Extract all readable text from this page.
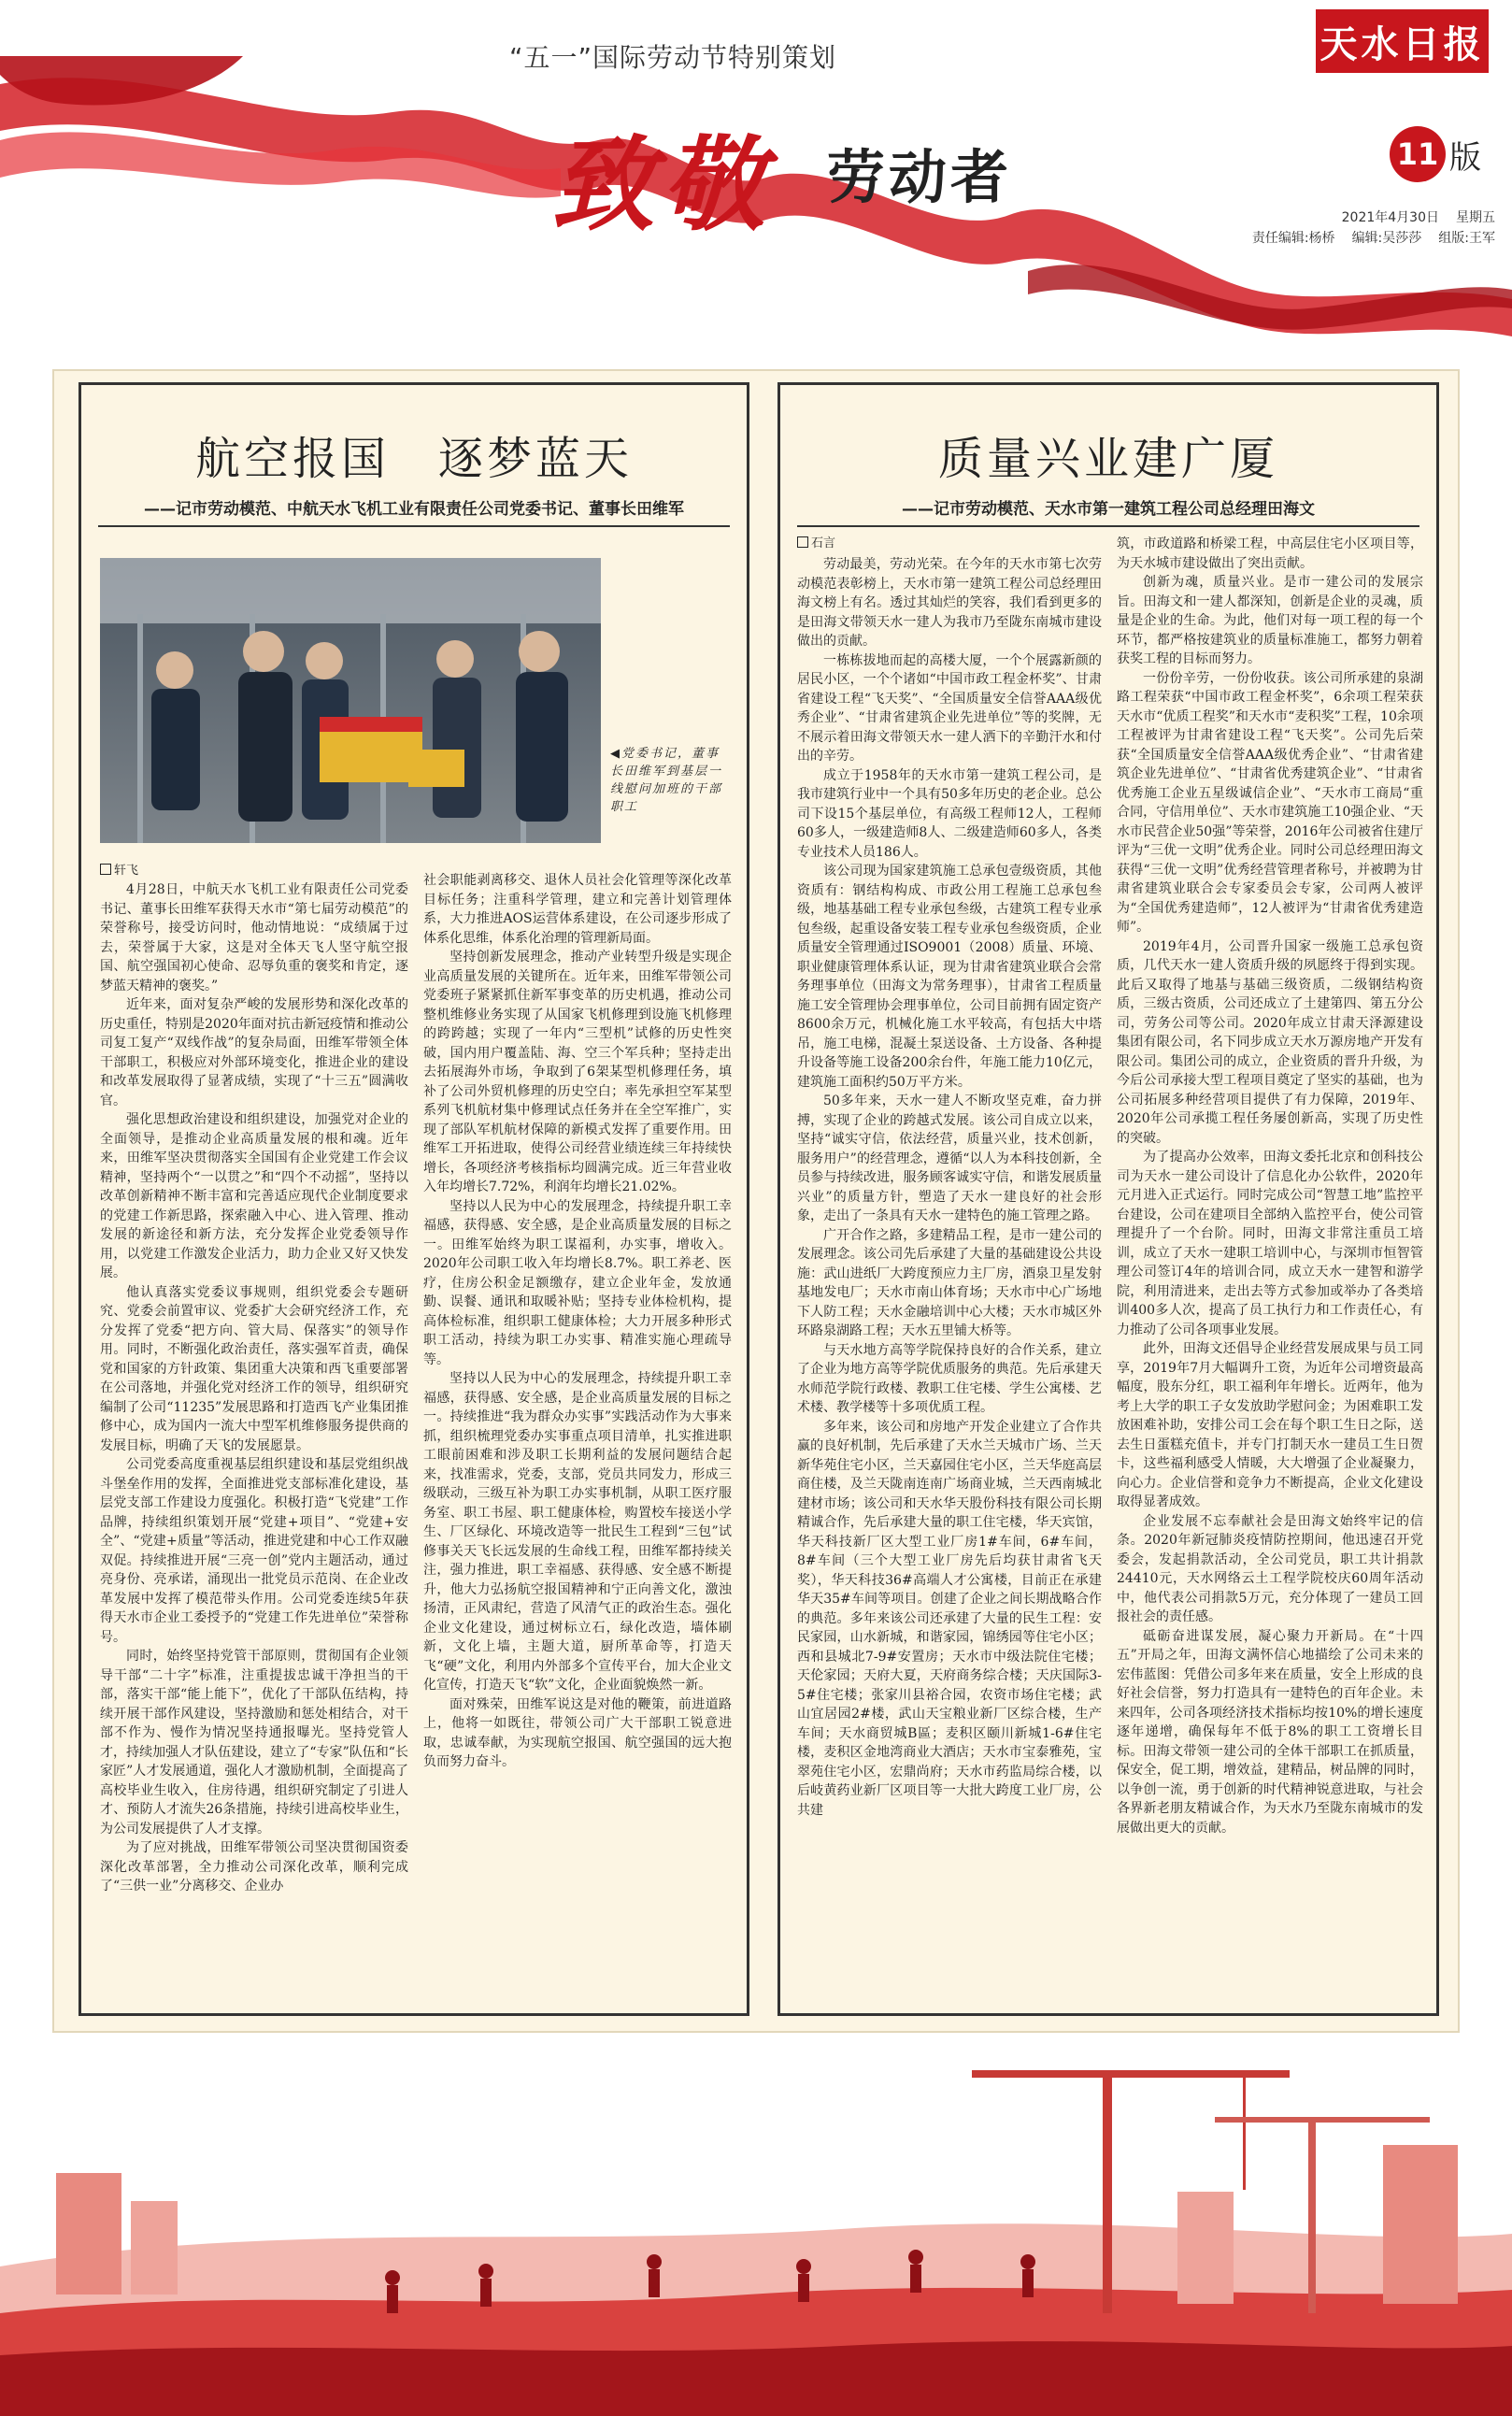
“五一”国际劳动节特别策划	天水日报
致敬 劳动者	11 版
2021年4月30日 星期五
责任编辑:杨桥 编辑:吴莎莎 组版:王军
航空报国　逐梦蓝天
——记市劳动模范、中航天水飞机工业有限责任公司党委书记、董事长田维军
◀党委书记，董事长田维军到基层一线慰问加班的干部职工
轩飞

4月28日，中航天水飞机工业有限责任公司党委书记、董事长田维军获得天水市“第七届劳动模范”的荣誉称号，接受访问时，他动情地说：“成绩属于过去，荣誉属于大家，这是对全体天飞人坚守航空报国、航空强国初心使命、忍辱负重的褒奖和肯定，逐梦蓝天精神的褒奖。”

近年来，面对复杂严峻的发展形势和深化改革的历史重任，特别是2020年面对抗击新冠疫情和推动公司复工复产“双线作战”的复杂局面，田维军带领全体干部职工，积极应对外部环境变化，推进企业的建设和改革发展取得了显著成绩，实现了“十三五”圆满收官。

强化思想政治建设和组织建设，加强党对企业的全面领导，是推动企业高质量发展的根和魂。近年来，田维军坚决贯彻落实全国国有企业党建工作会议精神，坚持两个“一以贯之”和“四个不动摇”，坚持以改革创新精神不断丰富和完善适应现代企业制度要求的党建工作新思路，探索融入中心、进入管理、推动发展的新途径和新方法，充分发挥企业党委领导作用，以党建工作激发企业活力，助力企业又好又快发展。

他认真落实党委议事规则，组织党委会专题研究、党委会前置审议、党委扩大会研究经济工作，充分发挥了党委“把方向、管大局、保落实”的领导作用。同时，不断强化政治责任，落实强军首责，确保党和国家的方针政策、集团重大决策和西飞重要部署在公司落地，并强化党对经济工作的领导，组织研究编制了公司“11235”发展思路和打造西飞产业集团推修中心，成为国内一流大中型军机维修服务提供商的发展目标，明确了天飞的发展愿景。

公司党委高度重视基层组织建设和基层党组织战斗堡垒作用的发挥，全面推进党支部标准化建设，基层党支部工作建设力度强化。积极打造“飞党建”工作品牌，持续组织策划开展“党建+项目”、“党建+安全”、“党建+质量”等活动，推进党建和中心工作双融双促。持续推进开展“三亮一创”党内主题活动，通过亮身份、亮承诺，涌现出一批党员示范岗、在企业改革发展中发挥了模范带头作用。公司党委连续5年获得天水市企业工委授予的“党建工作先进单位”荣誉称号。

同时，始终坚持党管干部原则，贯彻国有企业领导干部“二十字”标准，注重提拔忠诚干净担当的干部，落实干部“能上能下”，优化了干部队伍结构，持续开展干部作风建设，坚持激励和惩处相结合，对干部不作为、慢作为情况坚持通报曝光。坚持党管人才，持续加强人才队伍建设，建立了“专家”队伍和“长家匠”人才发展通道，强化人才激励机制，全面提高了高校毕业生收入，住房待遇，组织研究制定了引进人才、预防人才流失26条措施，持续引进高校毕业生，为公司发展提供了人才支撑。

为了应对挑战，田维军带领公司坚决贯彻国资委深化改革部署，全力推动公司深化改革，顺利完成了“三供一业”分离移交、企业办

社会职能剥离移交、退休人员社会化管理等深化改革目标任务；注重科学管理，建立和完善计划管理体系，大力推进AOS运营体系建设，在公司逐步形成了体系化思维，体系化治理的管理新局面。

坚持创新发展理念，推动产业转型升级是实现企业高质量发展的关键所在。近年来，田维军带领公司党委班子紧紧抓住新军事变革的历史机遇，推动公司整机维修业务实现了从国家飞机修理到设施飞机修理的跨跨越；实现了一年内“三型机”试修的历史性突破，国内用户覆盖陆、海、空三个军兵种；坚持走出去拓展海外市场，争取到了6架某型机修理任务，填补了公司外贸机修理的历史空白；率先承担空军某型系列飞机航材集中修理试点任务并在全空军推广，实现了部队军机航材保障的新模式发挥了重要作用。田维军工开拓进取，使得公司经营业绩连续三年持续快增长，各项经济考核指标均圆满完成。近三年营业收入年均增长7.72%，利润年均增长21.02%。

坚持以人民为中心的发展理念，持续提升职工幸福感，获得感、安全感，是企业高质量发展的目标之一。田维军始终为职工谋福利，办实事，增收入。2020年公司职工收入年均增长8.7%。职工养老、医疗，住房公积金足额缴存，建立企业年金，发放通勤、误餐、通讯和取暖补贴；坚持专业体检机构，提高体检标准，组织职工健康体检；大力开展多种形式职工活动，持续为职工办实事、精准实施心理疏导等。

坚持以人民为中心的发展理念，持续提升职工幸福感，获得感、安全感，是企业高质量发展的目标之一。持续推进“我为群众办实事”实践活动作为大事来抓，组织梳理党委办实事重点项目清单，扎实推进职工眼前困难和涉及职工长期利益的发展问题结合起来，找准需求，党委，支部，党员共同发力，形成三级联动，三级互补为职工办实事机制，从职工医疗服务室、职工书屋、职工健康体检，购置校车接送小学生、厂区绿化、环境改造等一批民生工程到“三包”试修事关天飞长远发展的生命线工程，田维军都持续关注，强力推进，职工幸福感、获得感、安全感不断提升，他大力弘扬航空报国精神和宁正向善文化，激浊扬清，正风肃纪，营造了风清气正的政治生态。强化企业文化建设，通过树标立石，绿化改造，墙体刷新，文化上墙，主题大道，厨所革命等，打造天飞“硬”文化，利用内外部多个宣传平台，加大企业文化宣传，打造天飞“软”文化，企业面貌焕然一新。

面对殊荣，田维军说这是对他的鞭策，前进道路上，他将一如既往，带领公司广大干部职工锐意进取，忠诚奉献，为实现航空报国、航空强国的远大抱负而努力奋斗。

质量兴业建广厦
——记市劳动模范、天水市第一建筑工程公司总经理田海文
石言

劳动最美，劳动光荣。在今年的天水市第七次劳动模范表彰榜上，天水市第一建筑工程公司总经理田海文榜上有名。透过其灿烂的笑容，我们看到更多的是田海文带领天水一建人为我市乃至陇东南城市建设做出的贡献。

一栋栋拔地而起的高楼大厦，一个个展露新颜的居民小区，一个个诸如“中国市政工程金杯奖”、甘肃省建设工程“飞天奖”、“全国质量安全信誉AAA级优秀企业”、“甘肃省建筑企业先进单位”等的奖牌，无不展示着田海文带领天水一建人洒下的辛勤汗水和付出的辛劳。

成立于1958年的天水市第一建筑工程公司，是我市建筑行业中一个具有50多年历史的老企业。总公司下设15个基层单位，有高级工程师12人，工程师60多人，一级建造师8人、二级建造师60多人，各类专业技术人员186人。

该公司现为国家建筑施工总承包壹级资质，其他资质有：钢结构构成、市政公用工程施工总承包叁级，地基基础工程专业承包叁级，古建筑工程专业承包叁级，起重设备安装工程专业承包叁级资质，企业质量安全管理通过ISO9001（2008）质量、环境、职业健康管理体系认证，现为甘肃省建筑业联合会常务理事单位（田海文为常务理事），甘肃省工程质量施工安全管理协会理事单位，公司目前拥有固定资产8600余万元，机械化施工水平较高，有包括大中塔吊，施工电梯，混凝土泵送设备、土方设备、各种提升设备等施工设备200余台件，年施工能力10亿元，建筑施工面积约50万平方米。

50多年来，天水一建人不断攻坚克难，奋力拼搏，实现了企业的跨越式发展。该公司自成立以来，坚持“诚实守信，依法经营，质量兴业，技术创新，服务用户”的经营理念，遵循“以人为本科技创新，全员参与持续改进，服务顾客诚实守信，和谐发展质量兴业”的质量方针，塑造了天水一建良好的社会形象，走出了一条具有天水一建特色的施工管理之路。

广开合作之路，多建精品工程，是市一建公司的发展理念。该公司先后承建了大量的基础建设公共设施：武山进纸厂大跨度预应力主厂房，酒泉卫星发射基地发电厂；天水市南山体育场；天水市中心广场地下人防工程；天水金融培训中心大楼；天水市城区外环路泉湖路工程；天水五里铺大桥等。

与天水地方高等学院保持良好的合作关系，建立了企业为地方高等学院优质服务的典范。先后承建天水师范学院行政楼、教职工住宅楼、学生公寓楼、艺术楼、教学楼等十多项优质工程。

多年来，该公司和房地产开发企业建立了合作共赢的良好机制，先后承建了天水兰天城市广场、兰天新华苑住宅小区，兰天嘉园住宅小区，兰天华庭高层商住楼，及兰天陇南连南广场商业城，兰天西南城北建材市场；该公司和天水华天股份科技有限公司长期精诚合作，先后承建大量的职工住宅楼，华天宾馆，华天科技新厂区大型工业厂房1#车间，6#车间，8#车间（三个大型工业厂房先后均获甘肃省飞天奖），华天科技36#高端人才公寓楼，目前正在承建华天35#车间等项目。创建了企业之间长期战略合作的典范。多年来该公司还承建了大量的民生工程：安民家园，山水新城，和谐家园，锦绣园等住宅小区；西和县城北7-9#安置房；天水市中级法院住宅楼；天伦家园；天府大夏，天府商务综合楼；天庆国际3-5#住宅楼；张家川县裕合园，农资市场住宅楼；武山宜居园2#楼，武山天宝粮业新厂区综合楼，生产车间；天水商贸城B區；麦积区颐川新城1-6#住宅楼，麦积区金地湾商业大酒店；天水市宝泰雅苑，宝翠苑住宅小区，宏鼎尚府；天水市药监局综合楼，以后岐黄药业新厂区项目等一大批大跨度工业厂房，公共建

筑，市政道路和桥梁工程，中高层住宅小区项目等，为天水城市建设做出了突出贡献。

创新为魂，质量兴业。是市一建公司的发展宗旨。田海文和一建人都深知，创新是企业的灵魂，质量是企业的生命。为此，他们对每一项工程的每一个环节，都严格按建筑业的质量标准施工，都努力朝着获奖工程的目标而努力。

一份份辛劳，一份份收获。该公司所承建的泉湖路工程荣获“中国市政工程金杯奖”，6余项工程荣获天水市“优质工程奖”和天水市“麦积奖”工程，10余项工程被评为甘肃省建设工程“飞天奖”。公司先后荣获“全国质量安全信誉AAA级优秀企业”、“甘肃省建筑企业先进单位”、“甘肃省优秀建筑企业”、“甘肃省优秀施工企业五星级诚信企业”、“天水市工商局“重合同，守信用单位”、天水市建筑施工10强企业、“天水市民营企业50强”等荣誉，2016年公司被省住建厅评为“三优一文明”优秀企业。同时公司总经理田海文获得“三优一文明”优秀经营管理者称号，并被聘为甘肃省建筑业联合会专家委员会专家，公司两人被评为“全国优秀建造师”，12人被评为“甘肃省优秀建造师”。

2019年4月，公司晋升国家一级施工总承包资质，几代天水一建人资质升级的夙愿终于得到实现。此后又取得了地基与基础三级资质，二级钢结构资质，三级古资质，公司还成立了土建第四、第五分公司，劳务公司等公司。2020年成立甘肃天泽源建设集团有限公司，名下同步成立天水万源房地产开发有限公司。集团公司的成立，企业资质的晋升升级，为今后公司承接大型工程项目奠定了坚实的基础，也为公司拓展多种经营项目提供了有力保障，2019年、2020年公司承揽工程任务屡创新高，实现了历史性的突破。

为了提高办公效率，田海文委托北京和创科技公司为天水一建公司设计了信息化办公软件，2020年元月进入正式运行。同时完成公司“智慧工地”监控平台建设，公司在建项目全部纳入监控平台，使公司管理提升了一个台阶。同时，田海文非常注重员工培训，成立了天水一建职工培训中心，与深圳市恒智管理公司签订4年的培训合同，成立天水一建智和游学院，利用清进来，走出去等方式参加或举办了各类培训400多人次，提高了员工执行力和工作责任心，有力推动了公司各项事业发展。

此外，田海文还倡导企业经营发展成果与员工同享，2019年7月大幅调升工资，为近年公司增资最高幅度，股东分红，职工福利年年增长。近两年，他为考上大学的职工子女发放助学慰问金；为困难职工发放困难补助，安排公司工会在每个职工生日之际，送去生日蛋糕充值卡，并专门打制天水一建员工生日贺卡，这些福利感受人情暖，大大增强了企业凝聚力，向心力。企业信誉和竞争力不断提高，企业文化建设取得显著成效。

企业发展不忘奉献社会是田海文始终牢记的信条。2020年新冠肺炎疫情防控期间，他迅速召开党委会，发起捐款活动，全公司党员，职工共计捐款24410元，天水网络云土工程学院校庆60周年活动中，他代表公司捐款5万元，充分体现了一建员工回报社会的责任感。

砥砺奋进谋发展，凝心聚力开新局。在“十四五”开局之年，田海文满怀信心地描绘了公司未来的宏伟蓝图：凭借公司多年来在质量，安全上形成的良好社会信誉，努力打造具有一建特色的百年企业。未来四年，公司各项经济技术指标均按10%的增长速度逐年递增，确保每年不低于8%的职工工资增长目标。田海文带领一建公司的全体干部职工在抓质量，保安全，促工期，增效益，建精品，树品牌的同时，以争创一流，勇于创新的时代精神锐意进取，与社会各界新老朋友精诚合作，为天水乃至陇东南城市的发展做出更大的贡献。
